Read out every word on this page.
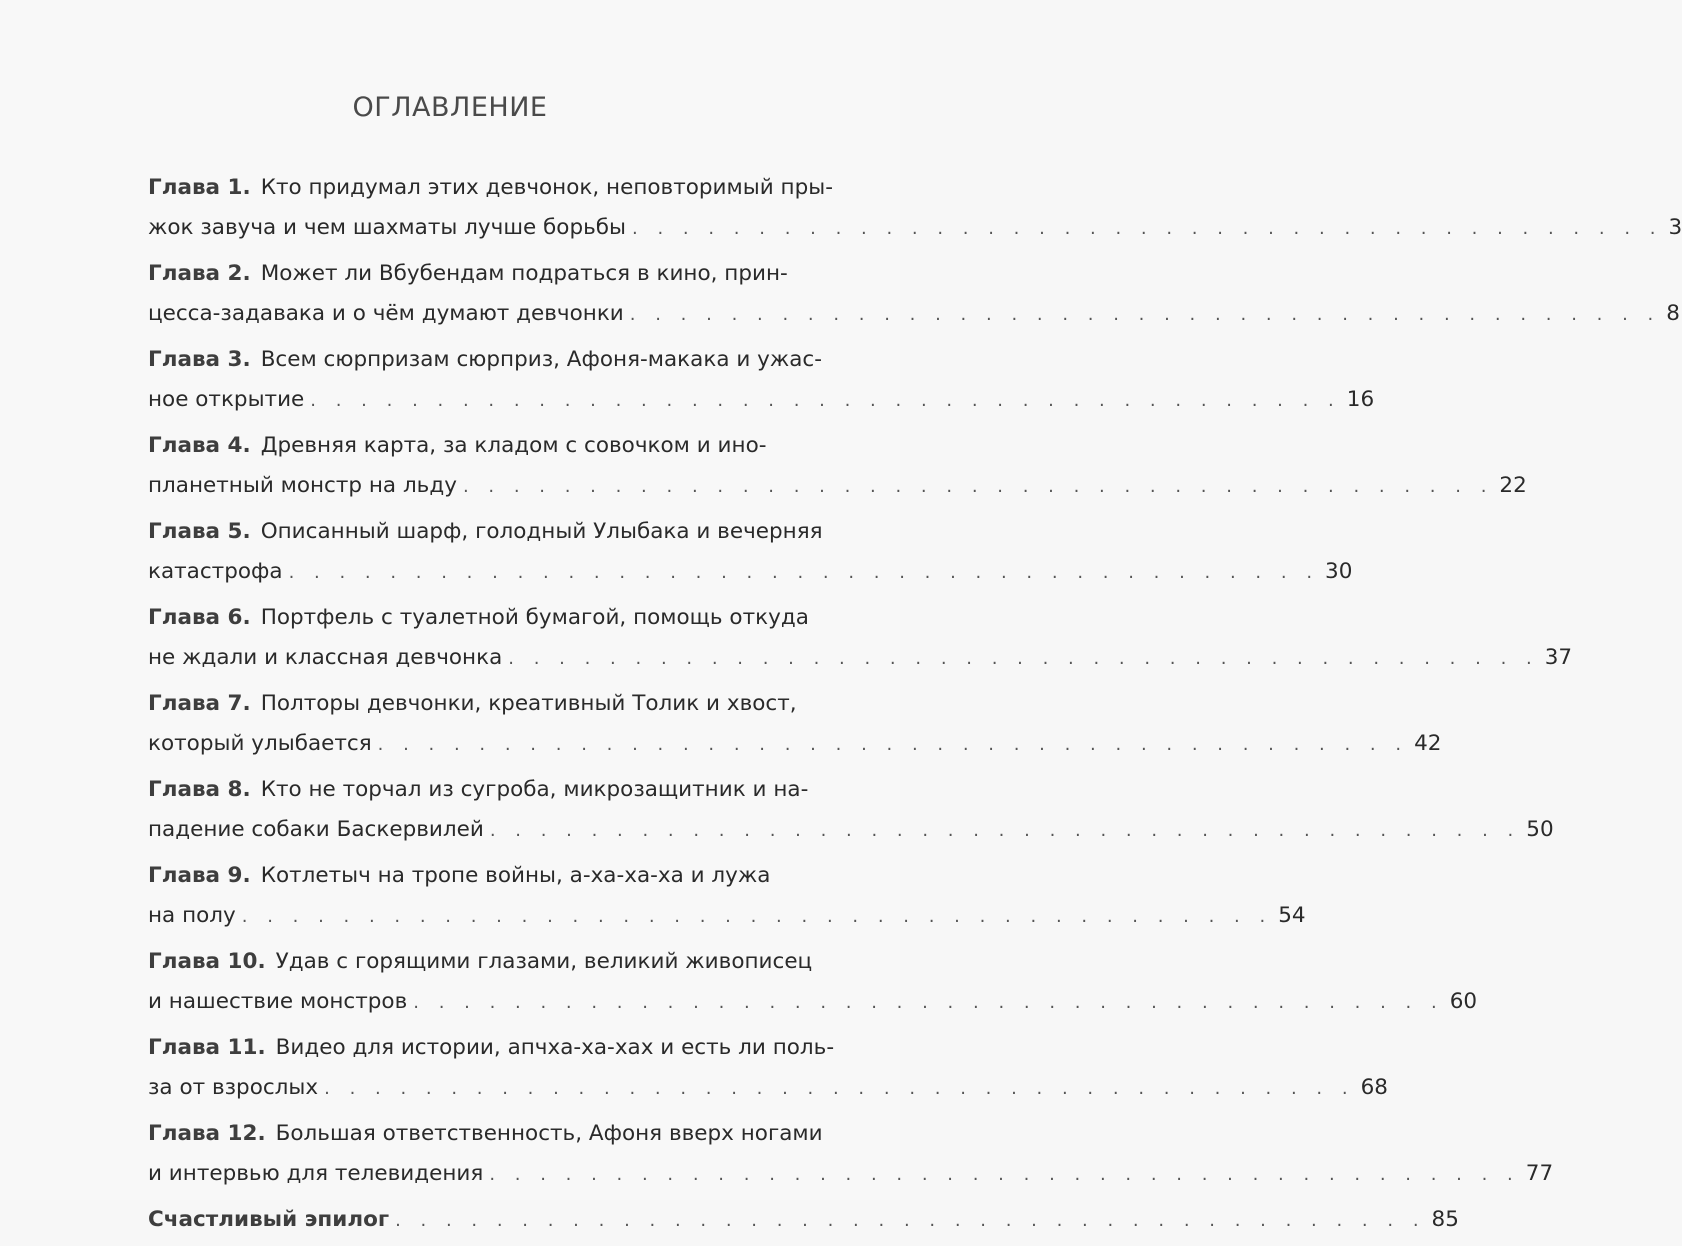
ОГЛАВЛЕНИЕ
Глава 1. Кто придумал этих девчонок, неповторимый пры-
жок завуча и чем шахматы лучше борьбы . . . . . . . . . . . . . . . . . . . . . . . . . . . . . . . . . . . . . . . . . 3
Глава 2. Может ли Вбубендам подраться в кино, прин-
цесса-задавака и о чём думают девчонки . . . . . . . . . . . . . . . . . . . . . . . . . . . . . . . . . . . . . . . . . 8
Глава 3. Всем сюрпризам сюрприз, Афоня-макака и ужас-
ное открытие . . . . . . . . . . . . . . . . . . . . . . . . . . . . . . . . . . . . . . . . . 16
Глава 4. Древняя карта, за кладом с совочком и ино-
планетный монстр на льду . . . . . . . . . . . . . . . . . . . . . . . . . . . . . . . . . . . . . . . . . 22
Глава 5. Описанный шарф, голодный Улыбака и вечерняя
катастрофа . . . . . . . . . . . . . . . . . . . . . . . . . . . . . . . . . . . . . . . . . 30
Глава 6. Портфель с туалетной бумагой, помощь откуда
не ждали и классная девчонка . . . . . . . . . . . . . . . . . . . . . . . . . . . . . . . . . . . . . . . . . 37
Глава 7. Полторы девчонки, креативный Толик и хвост,
который улыбается . . . . . . . . . . . . . . . . . . . . . . . . . . . . . . . . . . . . . . . . . 42
Глава 8. Кто не торчал из сугроба, микрозащитник и на-
падение собаки Баскервилей . . . . . . . . . . . . . . . . . . . . . . . . . . . . . . . . . . . . . . . . . 50
Глава 9. Котлетыч на тропе войны, а-ха-ха-ха и лужа
на полу . . . . . . . . . . . . . . . . . . . . . . . . . . . . . . . . . . . . . . . . . 54
Глава 10. Удав с горящими глазами, великий живописец
и нашествие монстров . . . . . . . . . . . . . . . . . . . . . . . . . . . . . . . . . . . . . . . . . 60
Глава 11. Видео для истории, апчха-ха-хах и есть ли поль-
за от взрослых . . . . . . . . . . . . . . . . . . . . . . . . . . . . . . . . . . . . . . . . . 68
Глава 12. Большая ответственность, Афоня вверх ногами
и интервью для телевидения . . . . . . . . . . . . . . . . . . . . . . . . . . . . . . . . . . . . . . . . . 77
Счастливый эпилог . . . . . . . . . . . . . . . . . . . . . . . . . . . . . . . . . . . . . . . . . 85
